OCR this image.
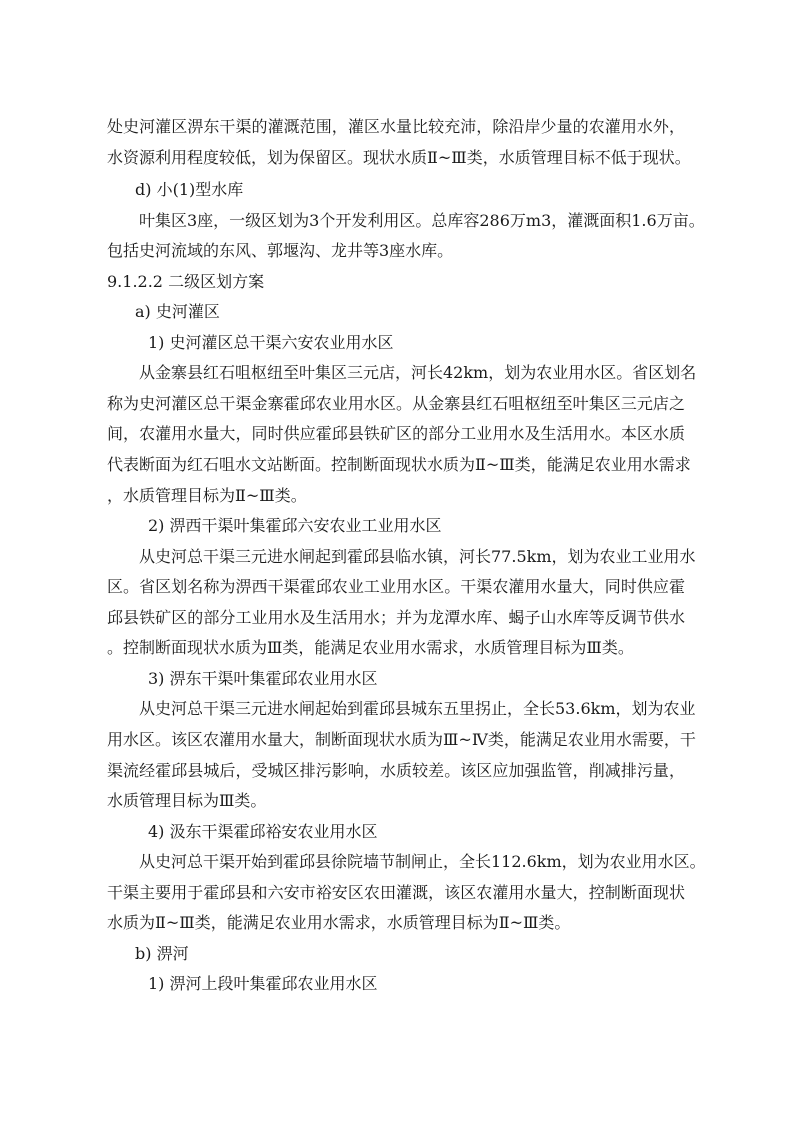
处史河灌区淠东干渠的灌溉范围，灌区水量比较充沛，除沿岸少量的农灌用水外，

水资源利用程度较低，划为保留区。现状水质Ⅱ~Ⅲ类，水质管理目标不低于现状。

d) 小(1)型水库

叶集区3座，一级区划为3个开发利用区。总库容286万m3，灌溉面积1.6万亩。

包括史河流域的东风、郭堰沟、龙井等3座水库。

9.1.2.2 二级区划方案

a) 史河灌区

1) 史河灌区总干渠六安农业用水区

从金寨县红石咀枢纽至叶集区三元店，河长42km，划为农业用水区。省区划名

称为史河灌区总干渠金寨霍邱农业用水区。从金寨县红石咀枢纽至叶集区三元店之

间，农灌用水量大，同时供应霍邱县铁矿区的部分工业用水及生活用水。本区水质

代表断面为红石咀水文站断面。控制断面现状水质为Ⅱ~Ⅲ类，能满足农业用水需求

，水质管理目标为Ⅱ~Ⅲ类。

2) 淠西干渠叶集霍邱六安农业工业用水区

从史河总干渠三元进水闸起到霍邱县临水镇，河长77.5km，划为农业工业用水

区。省区划名称为淠西干渠霍邱农业工业用水区。干渠农灌用水量大，同时供应霍

邱县铁矿区的部分工业用水及生活用水；并为龙潭水库、蝎子山水库等反调节供水

。控制断面现状水质为Ⅲ类，能满足农业用水需求，水质管理目标为Ⅲ类。

3) 淠东干渠叶集霍邱农业用水区

从史河总干渠三元进水闸起始到霍邱县城东五里拐止，全长53.6km，划为农业

用水区。该区农灌用水量大，制断面现状水质为Ⅲ~Ⅳ类，能满足农业用水需要，干

渠流经霍邱县城后，受城区排污影响，水质较差。该区应加强监管，削减排污量，

水质管理目标为Ⅲ类。

4) 汲东干渠霍邱裕安农业用水区

从史河总干渠开始到霍邱县徐院墙节制闸止，全长112.6km，划为农业用水区。

干渠主要用于霍邱县和六安市裕安区农田灌溉，该区农灌用水量大，控制断面现状

水质为Ⅱ~Ⅲ类，能满足农业用水需求，水质管理目标为Ⅱ~Ⅲ类。

b) 淠河

1) 淠河上段叶集霍邱农业用水区
